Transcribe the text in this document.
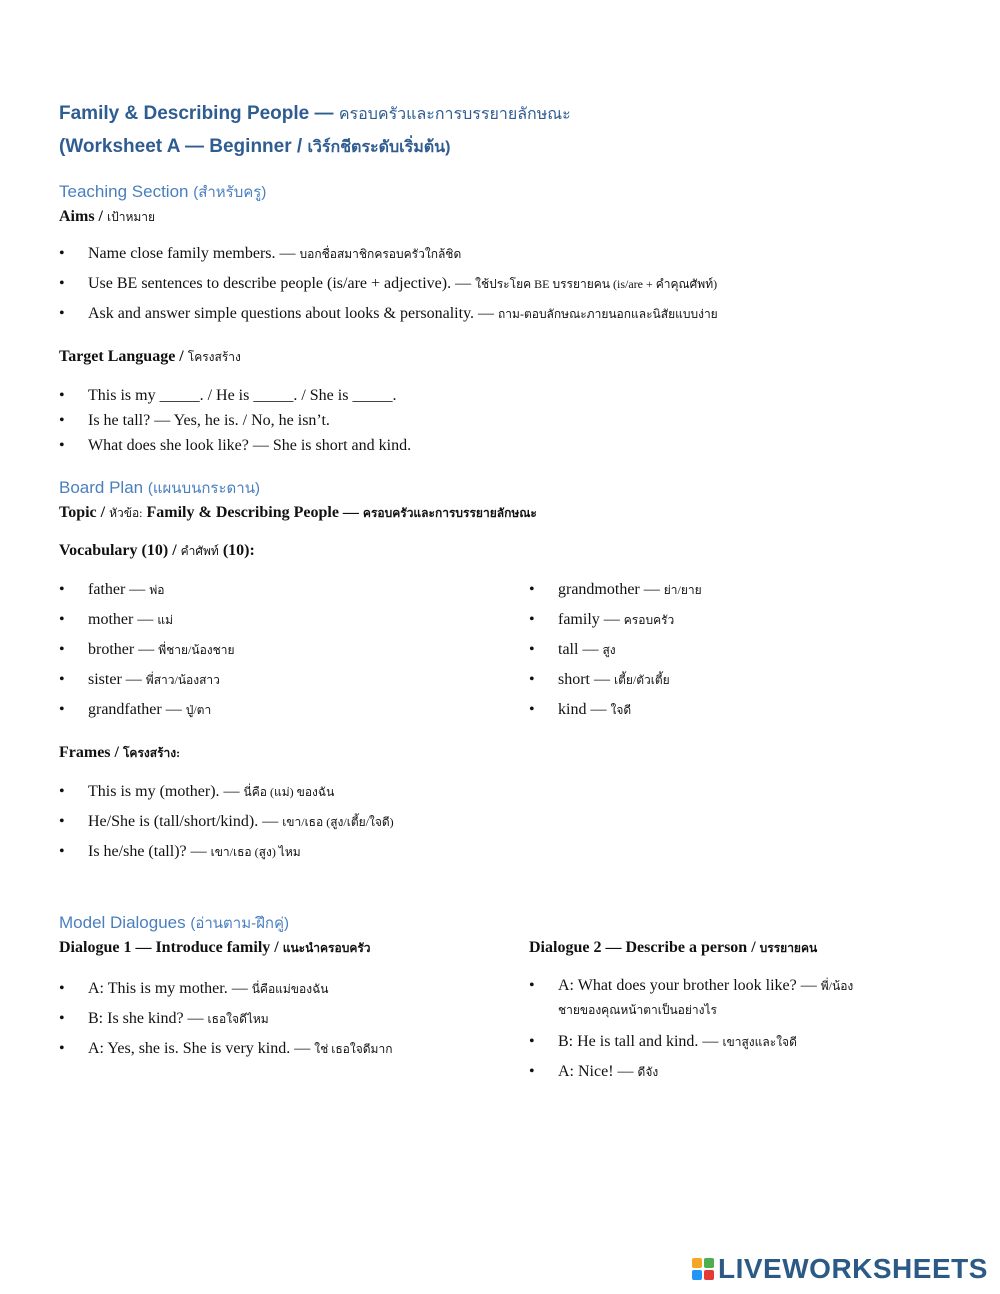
Family & Describing People — ครอบครัวและการบรรยายลักษณะ

(Worksheet A — Beginner / เวิร์กชีตระดับเริ่มต้น)

Teaching Section (สำหรับครู)

Aims / เป้าหมาย

• Name close family members. — บอกชื่อสมาชิกครอบครัวใกล้ชิด
• Use BE sentences to describe people (is/are + adjective). — ใช้ประโยค BE บรรยายคน (is/are + คำคุณศัพท์)
• Ask and answer simple questions about looks & personality. — ถาม-ตอบลักษณะภายนอกและนิสัยแบบง่าย

Target Language / โครงสร้าง

• This is my _____. / He is _____. / She is _____.
• Is he tall? — Yes, he is. / No, he isn’t.
• What does she look like? — She is short and kind.

Board Plan (แผนบนกระดาน)

Topic / หัวข้อ: Family & Describing People — ครอบครัวและการบรรยายลักษณะ

Vocabulary (10) / คำศัพท์ (10):

• father — พ่อ
• mother — แม่
• brother — พี่ชาย/น้องชาย
• sister — พี่สาว/น้องสาว
• grandfather — ปู่/ตา
• grandmother — ย่า/ยาย
• family — ครอบครัว
• tall — สูง
• short — เตี้ย/ตัวเตี้ย
• kind — ใจดี

Frames / โครงสร้าง:

• This is my (mother). — นี่คือ (แม่) ของฉัน
• He/She is (tall/short/kind). — เขา/เธอ (สูง/เตี้ย/ใจดี)
• Is he/she (tall)? — เขา/เธอ (สูง) ไหม

Model Dialogues (อ่านตาม-ฝึกคู่)

Dialogue 1 — Introduce family / แนะนำครอบครัว

• A: This is my mother. — นี่คือแม่ของฉัน
• B: Is she kind? — เธอใจดีไหม
• A: Yes, she is. She is very kind. — ใช่ เธอใจดีมาก

Dialogue 2 — Describe a person / บรรยายคน

• A: What does your brother look like? — พี่/น้องชายของคุณหน้าตาเป็นอย่างไร
• B: He is tall and kind. — เขาสูงและใจดี
• A: Nice! — ดีจัง
LIVEWORKSHEETS
